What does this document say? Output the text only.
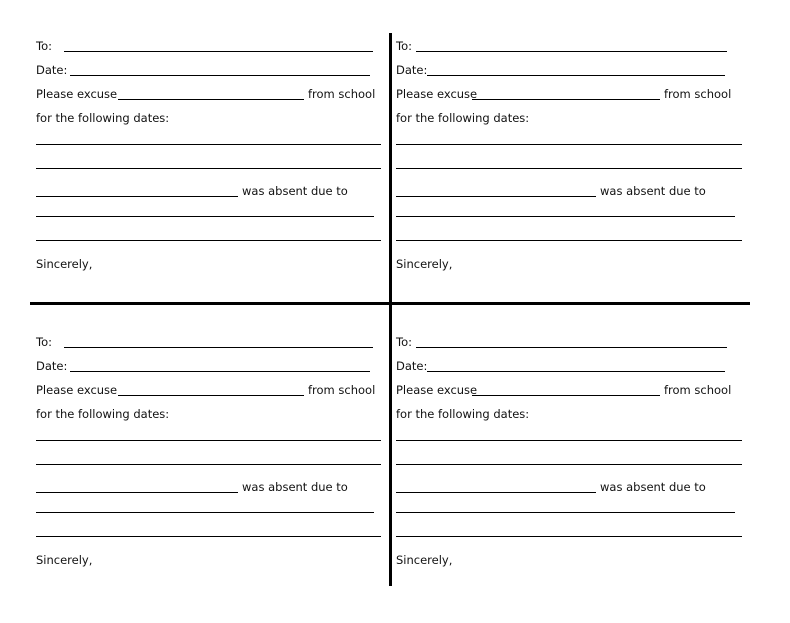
To:
Date:
Please excuse	from school
for the following dates:
was absent due to
Sincerely,
To:
Date:
Please excuse	from school
for the following dates:
was absent due to
Sincerely,
To:
Date:
Please excuse	from school
for the following dates:
was absent due to
Sincerely,
To:
Date:
Please excuse	from school
for the following dates:
was absent due to
Sincerely,
